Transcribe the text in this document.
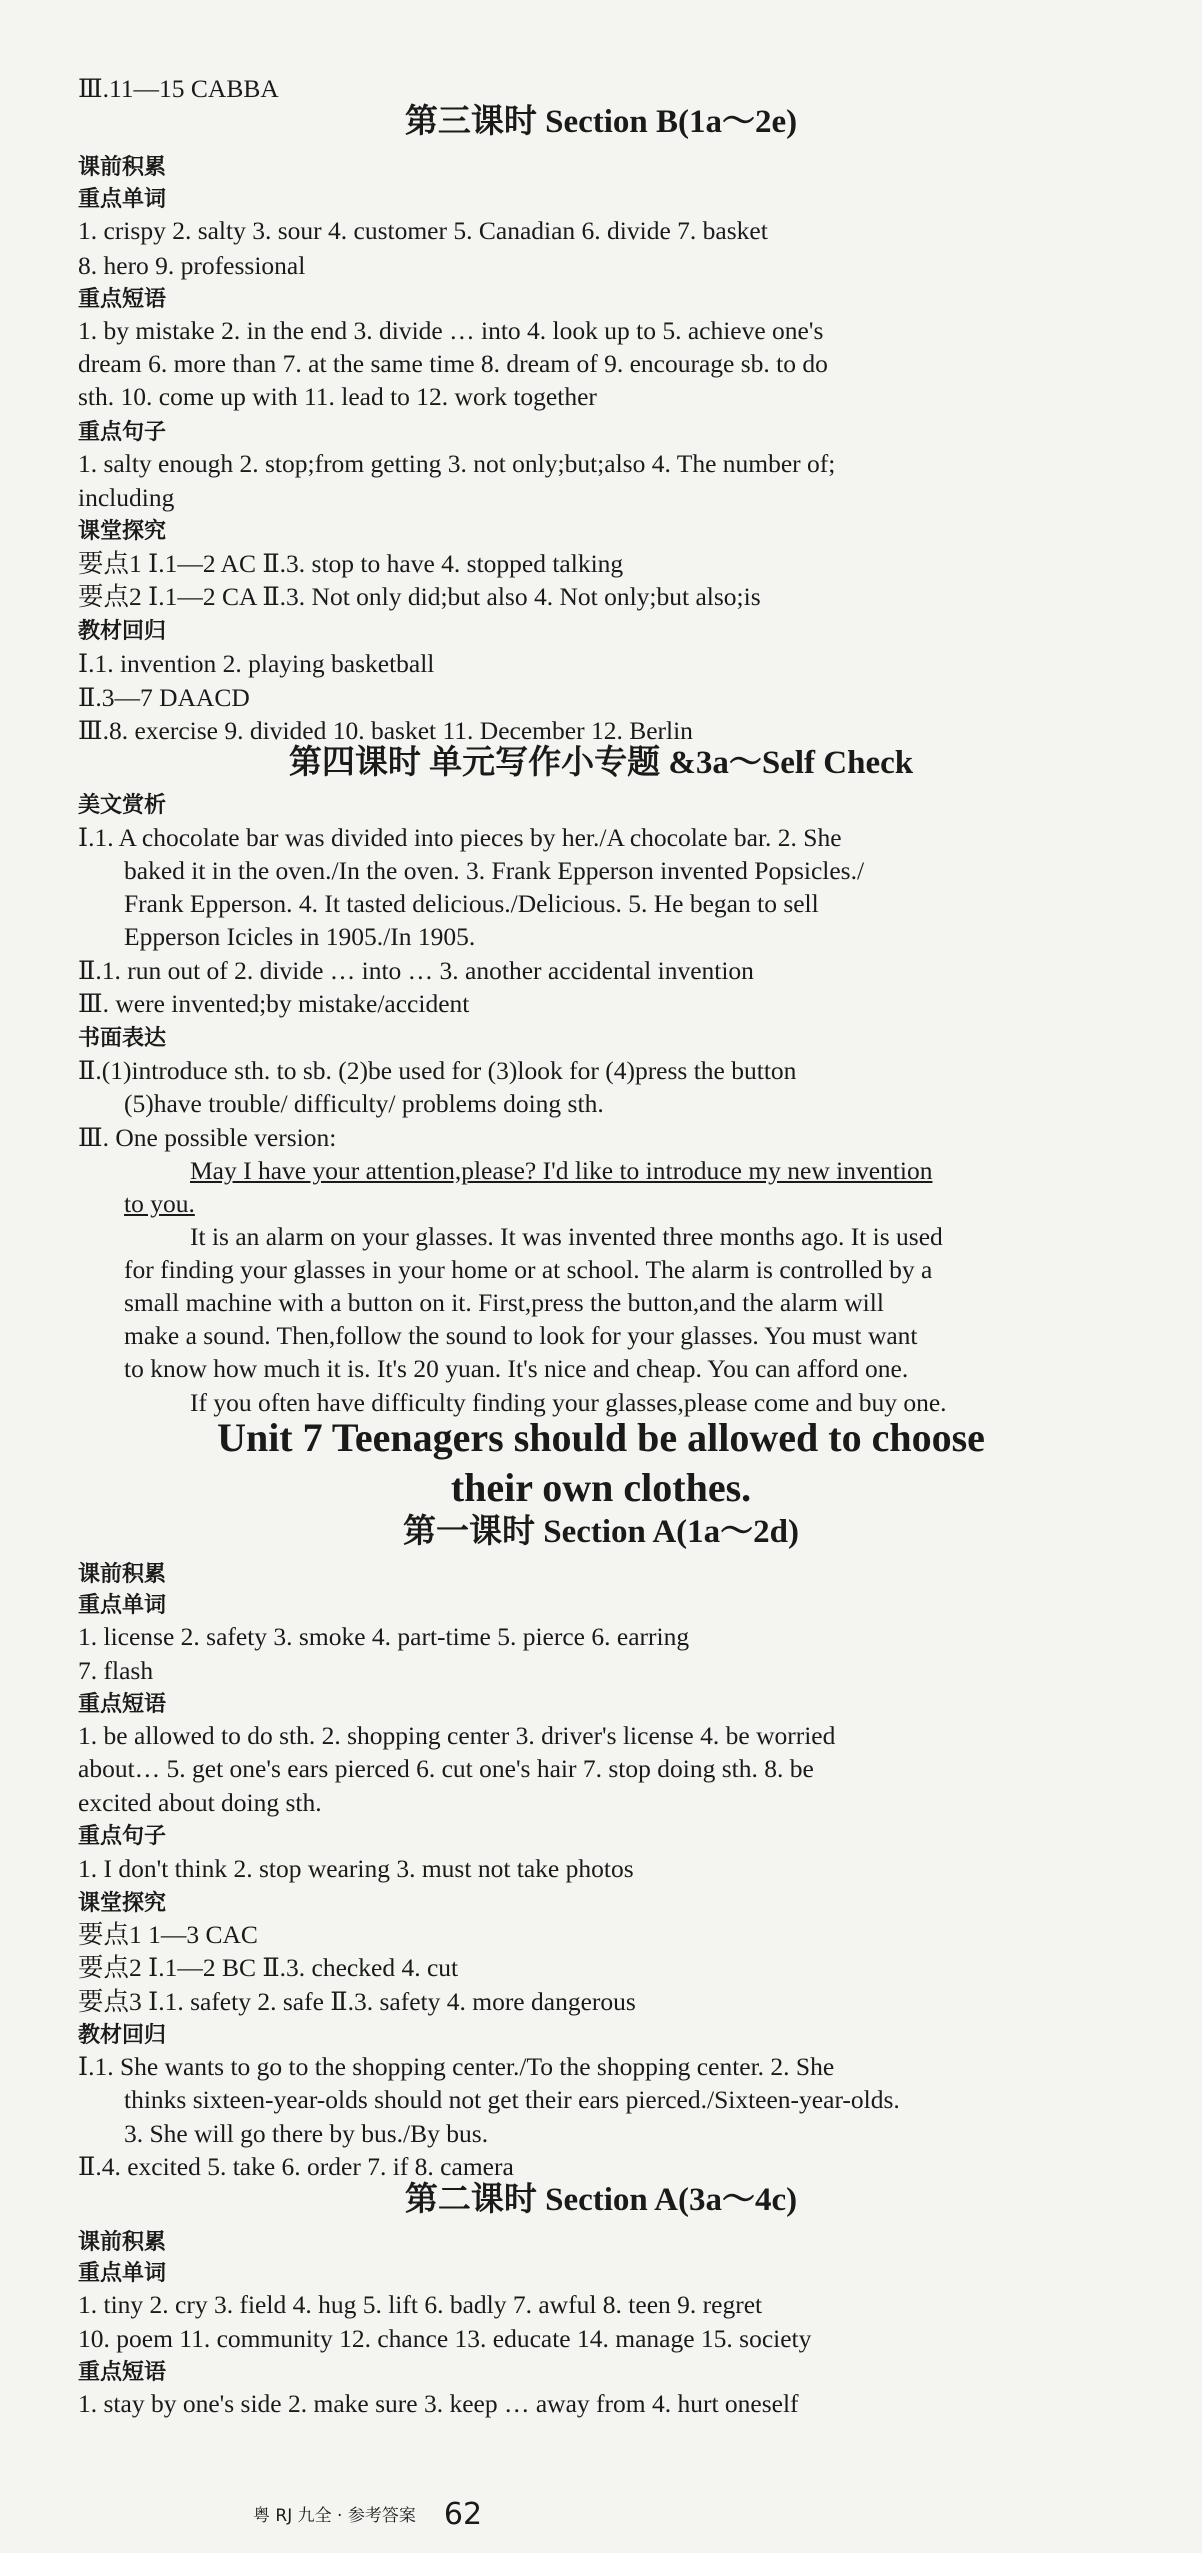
Ⅲ.11—15 CABBA
第三课时 Section B(1a～2e)
课前积累
重点单词
1. crispy 2. salty 3. sour 4. customer 5. Canadian 6. divide 7. basket
8. hero 9. professional
重点短语
1. by mistake 2. in the end 3. divide … into 4. look up to 5. achieve one's
dream 6. more than 7. at the same time 8. dream of 9. encourage sb. to do
sth. 10. come up with 11. lead to 12. work together
重点句子
1. salty enough 2. stop;from getting 3. not only;but;also 4. The number of;
including
课堂探究
要点1 Ⅰ.1—2 AC Ⅱ.3. stop to have 4. stopped talking
要点2 Ⅰ.1—2 CA Ⅱ.3. Not only did;but also 4. Not only;but also;is
教材回归
Ⅰ.1. invention 2. playing basketball
Ⅱ.3—7 DAACD
Ⅲ.8. exercise 9. divided 10. basket 11. December 12. Berlin
第四课时 单元写作小专题 &3a～Self Check
美文赏析
Ⅰ.1. A chocolate bar was divided into pieces by her./A chocolate bar. 2. She
baked it in the oven./In the oven. 3. Frank Epperson invented Popsicles./
Frank Epperson. 4. It tasted delicious./Delicious. 5. He began to sell
Epperson Icicles in 1905./In 1905.
Ⅱ.1. run out of 2. divide … into … 3. another accidental invention
Ⅲ. were invented;by mistake/accident
书面表达
Ⅱ.(1)introduce sth. to sb. (2)be used for (3)look for (4)press the button
(5)have trouble/ difficulty/ problems doing sth.
Ⅲ. One possible version:
May I have your attention,please? I'd like to introduce my new invention
to you.
It is an alarm on your glasses. It was invented three months ago. It is used
for finding your glasses in your home or at school. The alarm is controlled by a
small machine with a button on it. First,press the button,and the alarm will
make a sound. Then,follow the sound to look for your glasses. You must want
to know how much it is. It's 20 yuan. It's nice and cheap. You can afford one.
If you often have difficulty finding your glasses,please come and buy one.
Unit 7 Teenagers should be allowed to choose
their own clothes.
第一课时 Section A(1a～2d)
课前积累
重点单词
1. license 2. safety 3. smoke 4. part-time 5. pierce 6. earring
7. flash
重点短语
1. be allowed to do sth. 2. shopping center 3. driver's license 4. be worried
about… 5. get one's ears pierced 6. cut one's hair 7. stop doing sth. 8. be
excited about doing sth.
重点句子
1. I don't think 2. stop wearing 3. must not take photos
课堂探究
要点1 1—3 CAC
要点2 Ⅰ.1—2 BC Ⅱ.3. checked 4. cut
要点3 Ⅰ.1. safety 2. safe Ⅱ.3. safety 4. more dangerous
教材回归
Ⅰ.1. She wants to go to the shopping center./To the shopping center. 2. She
thinks sixteen-year-olds should not get their ears pierced./Sixteen-year-olds.
3. She will go there by bus./By bus.
Ⅱ.4. excited 5. take 6. order 7. if 8. camera
第二课时 Section A(3a～4c)
课前积累
重点单词
1. tiny 2. cry 3. field 4. hug 5. lift 6. badly 7. awful 8. teen 9. regret
10. poem 11. community 12. chance 13. educate 14. manage 15. society
重点短语
1. stay by one's side 2. make sure 3. keep … away from 4. hurt oneself
粤 RJ 九全 · 参考答案 62
